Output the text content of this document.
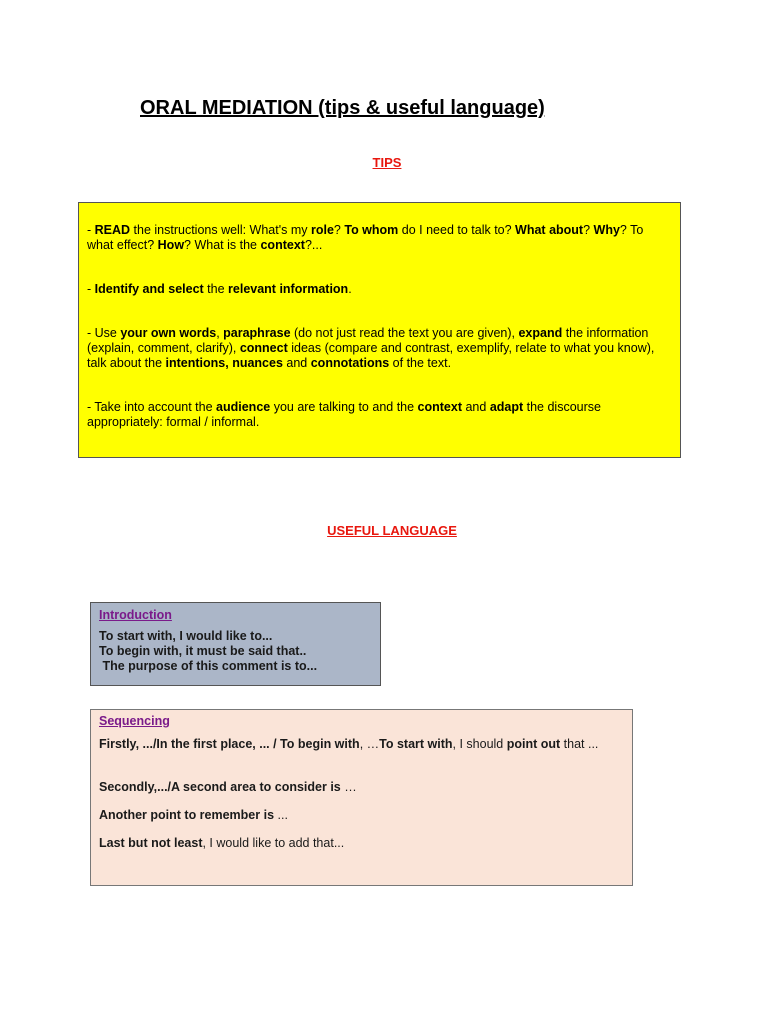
ORAL MEDIATION (tips & useful language)
TIPS

- READ the instructions well: What's my role? To whom do I need to talk to? What about? Why? To what effect? How? What is the context?...

- Identify and select the relevant information.

- Use your own words, paraphrase (do not just read the text you are given), expand the information (explain, comment, clarify), connect ideas (compare and contrast, exemplify, relate to what you know), talk about the intentions, nuances and connotations of the text.

- Take into account the audience you are talking to and the context and adapt the discourse appropriately: formal / informal.

USEFUL LANGUAGE
Introduction
To start with, I would like to...
To begin with, it must be said that..
The purpose of this comment is to...
Sequencing

Firstly, .../In the first place, ... / To begin with, …To start with, I should point out that ...

Secondly,.../A second area to consider is …

Another point to remember is ...

Last but not least, I would like to add that...
